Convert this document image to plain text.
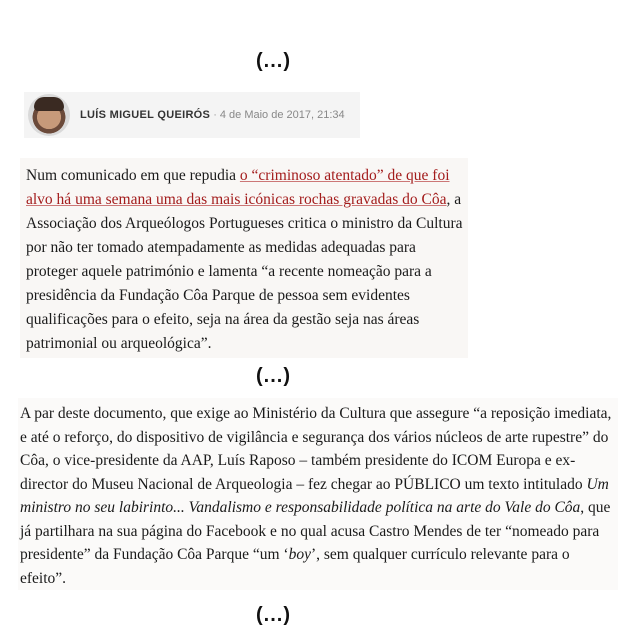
(...)
LUÍS MIGUEL QUEIRÓS · 4 de Maio de 2017, 21:34
Num comunicado em que repudia o “criminoso atentado” de que foi alvo há uma semana uma das mais icónicas rochas gravadas do Côa, a Associação dos Arqueólogos Portugueses critica o ministro da Cultura por não ter tomado atempadamente as medidas adequadas para proteger aquele património e lamenta “a recente nomeação para a presidência da Fundação Côa Parque de pessoa sem evidentes qualificações para o efeito, seja na área da gestão seja nas áreas patrimonial ou arqueológica”.
(...)
A par deste documento, que exige ao Ministério da Cultura que assegure “a reposição imediata, e até o reforço, do dispositivo de vigilância e segurança dos vários núcleos de arte rupestre” do Côa, o vice-presidente da AAP, Luís Raposo – também presidente do ICOM Europa e ex-director do Museu Nacional de Arqueologia – fez chegar ao PÚBLICO um texto intitulado Um ministro no seu labirinto... Vandalismo e responsabilidade política na arte do Vale do Côa, que já partilhara na sua página do Facebook e no qual acusa Castro Mendes de ter “nomeado para presidente” da Fundação Côa Parque “um ‘boy’, sem qualquer currículo relevante para o efeito”.
(...)
